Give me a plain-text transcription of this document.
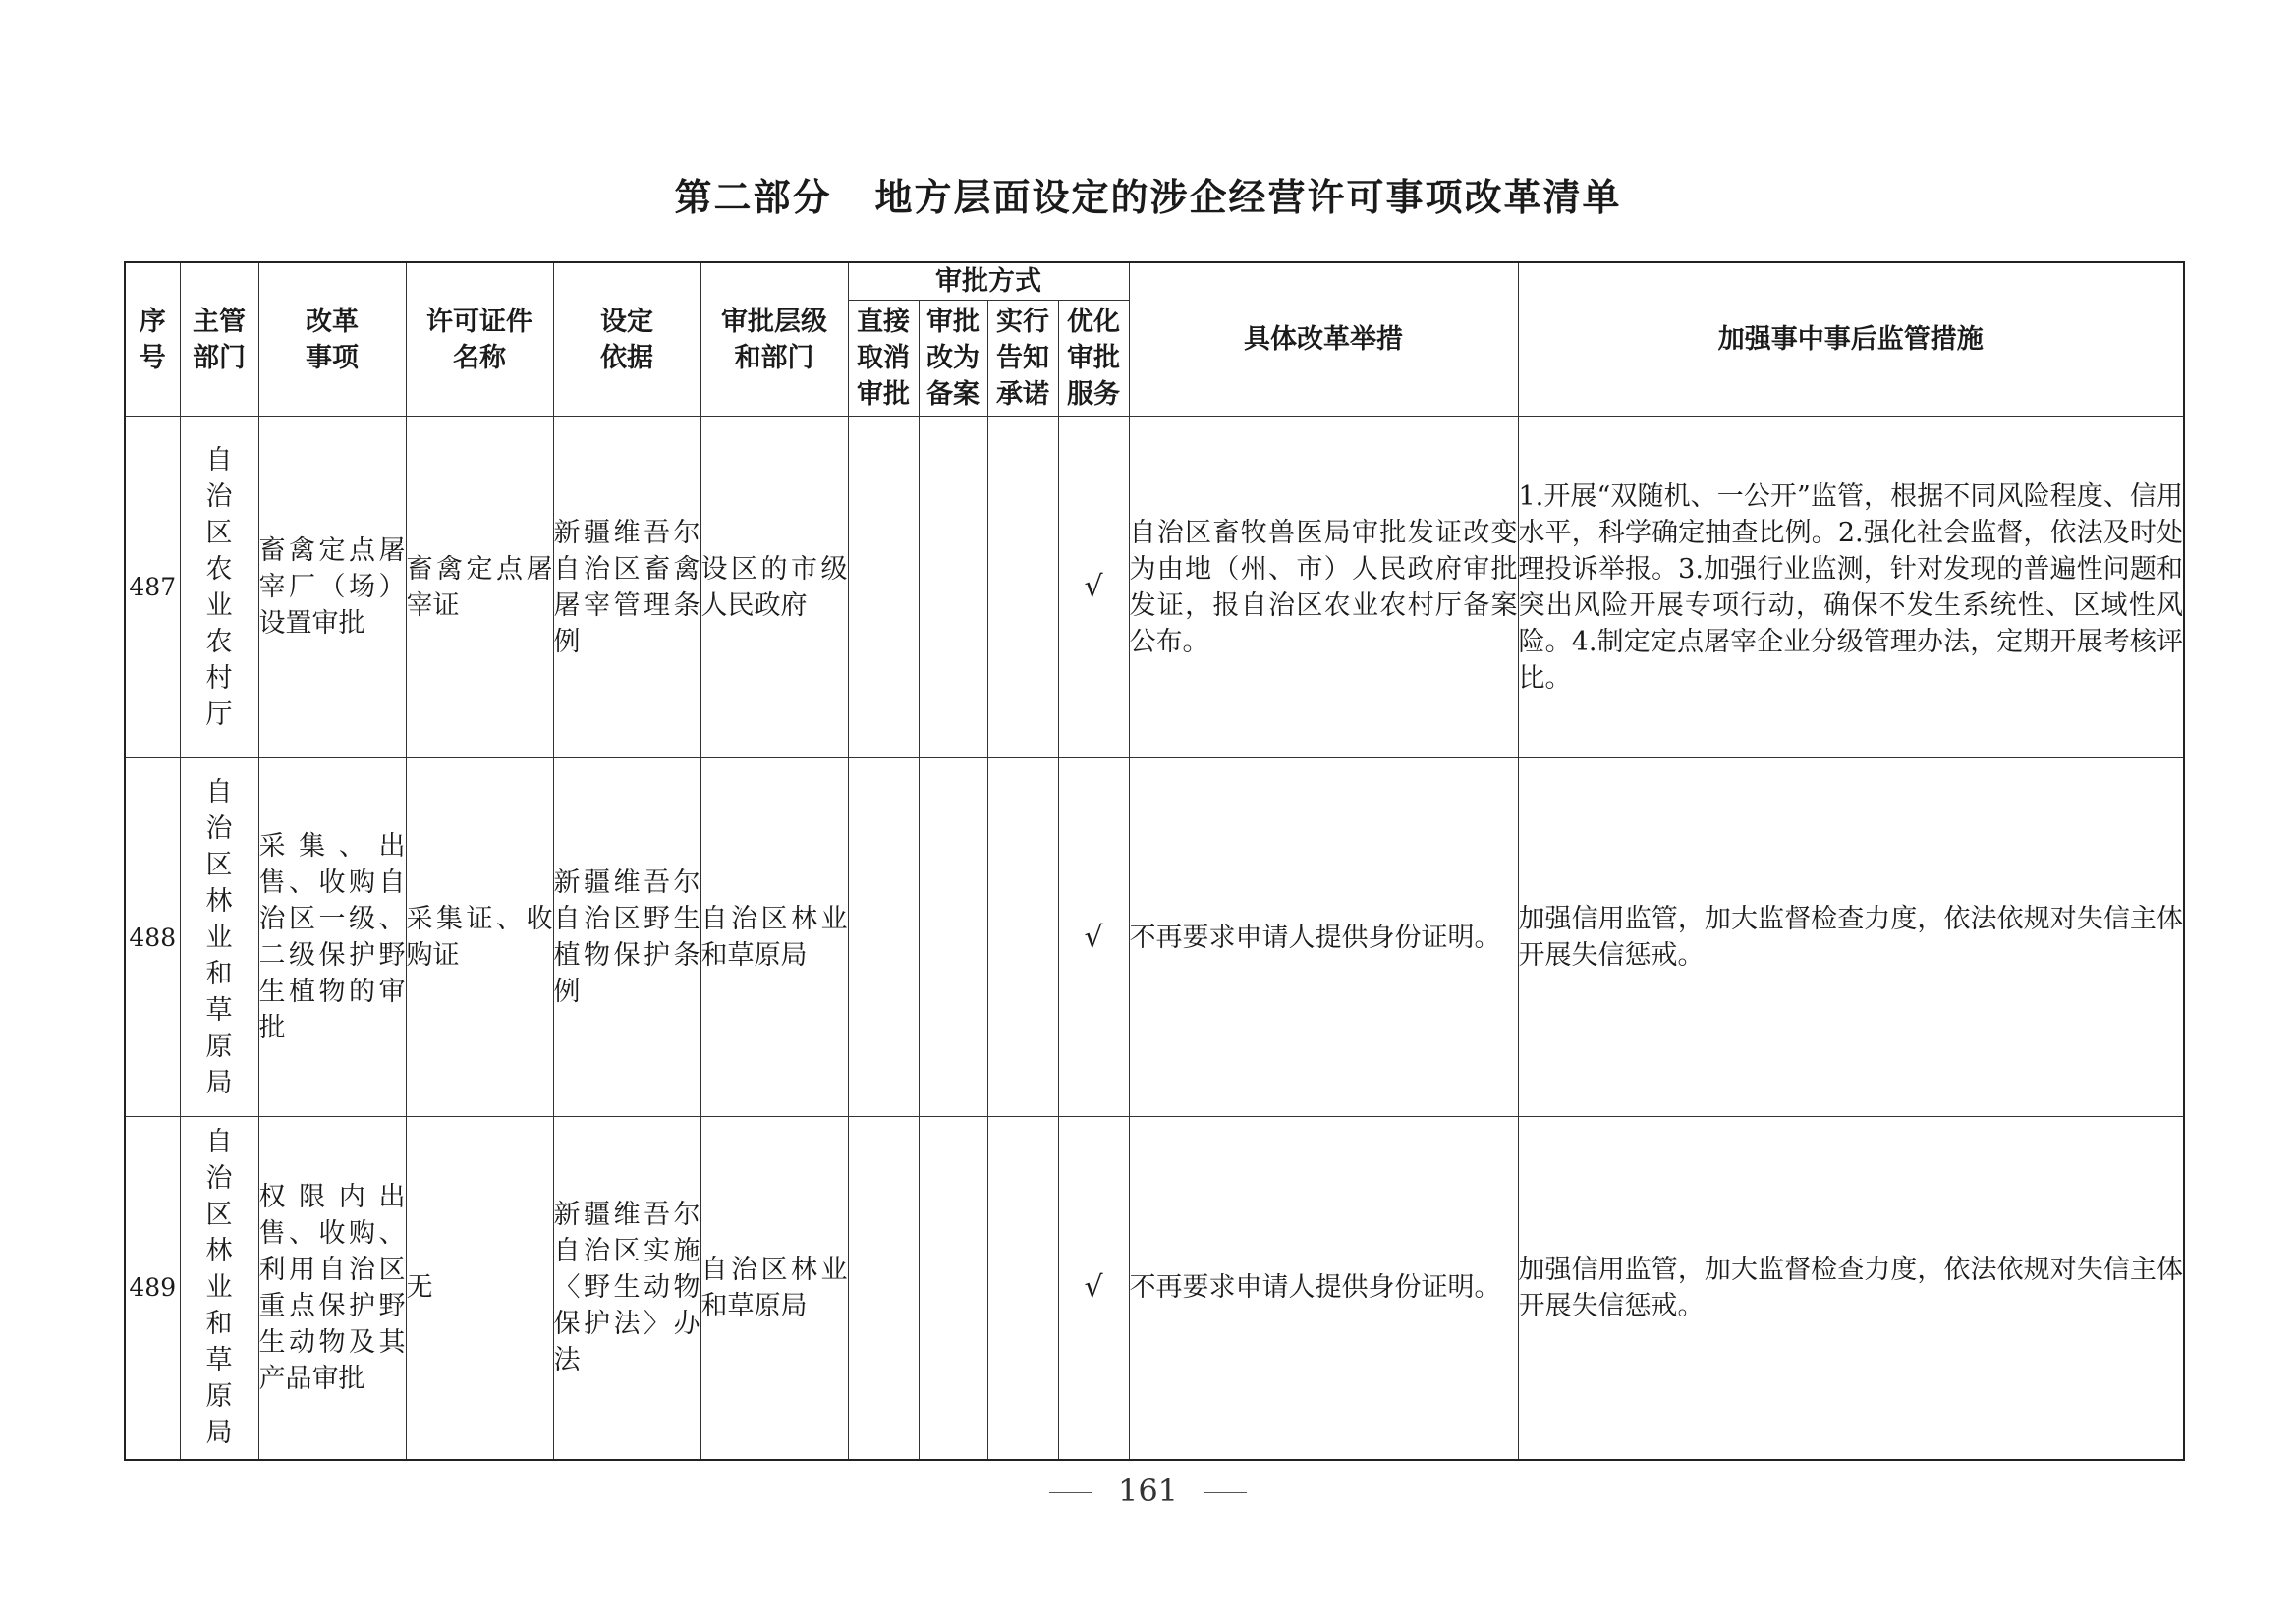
第二部分 地方层面设定的涉企经营许可事项改革清单
序号	主管部门	改革事项	许可证件名称	设定依据	审批层级和部门	审批方式				具体改革举措	加强事中事后监管措施

						直接取消审批	审批改为备案	实行告知承诺	优化审批服务		

487	自治区农业农村厅	畜禽定点屠宰厂（场）设置审批	畜禽定点屠宰证	新疆维吾尔自治区畜禽屠宰管理条例	设区的市级人民政府				√	自治区畜牧兽医局审批发证改变为由地（州、市）人民政府审批发证，报自治区农业农村厅备案公布。	1.开展“双随机、一公开”监管，根据不同风险程度、信用水平，科学确定抽查比例。2.强化社会监督，依法及时处理投诉举报。3.加强行业监测，针对发现的普遍性问题和突出风险开展专项行动，确保不发生系统性、区域性风险。4.制定定点屠宰企业分级管理办法，定期开展考核评比。
488	自治区林业和草原局	采集、出售、收购自治区一级、二级保护野生植物的审批	采集证、收购证	新疆维吾尔自治区野生植物保护条例	自治区林业和草原局				√	不再要求申请人提供身份证明。	加强信用监管，加大监督检查力度，依法依规对失信主体开展失信惩戒。
489	自治区林业和草原局	权限内出售、收购、利用自治区重点保护野生动物及其产品审批	无	新疆维吾尔自治区实施〈野生动物保护法〉办法	自治区林业和草原局				√	不再要求申请人提供身份证明。	加强信用监管，加大监督检查力度，依法依规对失信主体开展失信惩戒。
161
